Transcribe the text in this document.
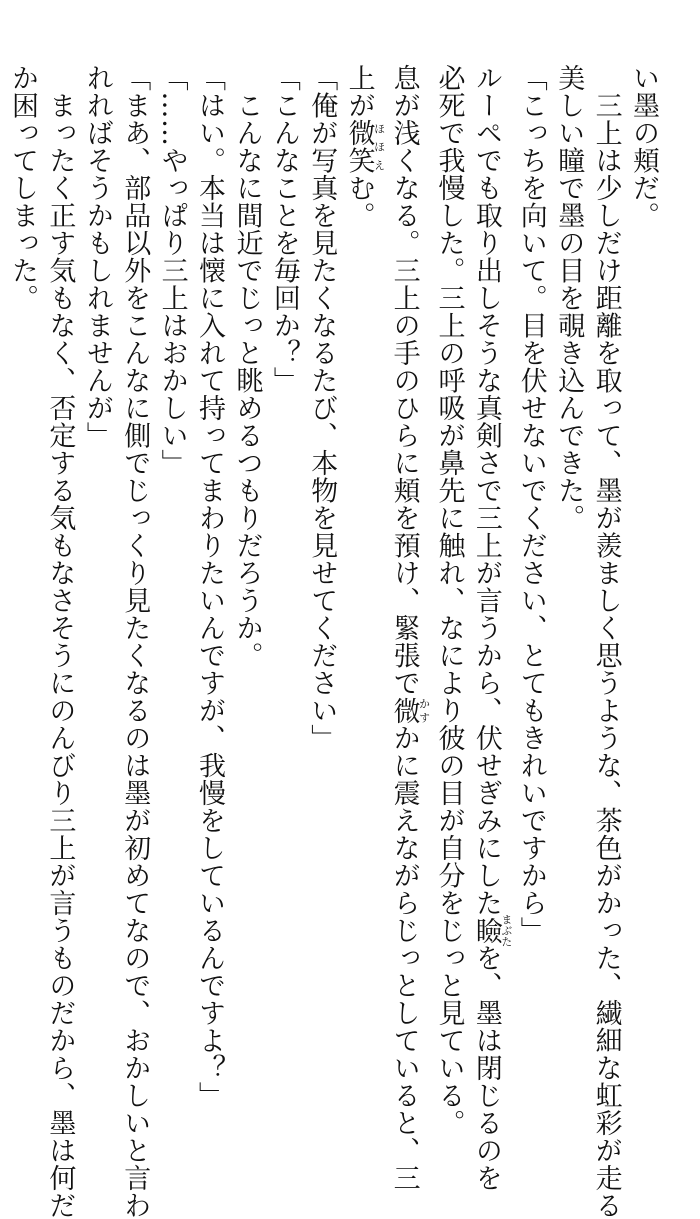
い墨の頬だ。
　三上は少しだけ距離を取って、墨が羨ましく思うような、茶色がかった、繊細な虹彩が走る
美しい瞳で墨の目を覗き込んできた。
「こっちを向いて。目を伏せないでください、とてもきれいですから」
ルーペでも取り出しそうな真剣さで三上が言うから、伏せぎみにした瞼まぶたを、墨は閉じるのを
必死で我慢した。三上の呼吸が鼻先に触れ、なにより彼の目が自分をじっと見ている。
息が浅くなる。三上の手のひらに頬を預け、緊張で微かすかに震えながらじっとしていると、三
上が微笑ほほえむ。
「俺が写真を見たくなるたび、本物を見せてください」
「こんなことを毎回か？」
　こんなに間近でじっと眺めるつもりだろうか。
「はい。本当は懐に入れて持ってまわりたいんですが、我慢をしているんですよ？」
「……やっぱり三上はおかしい」
「まあ、部品以外をこんなに側でじっくり見たくなるのは墨が初めてなので、おかしいと言わ
れればそうかもしれませんが」
　まったく正す気もなく、否定する気もなさそうにのんびり三上が言うものだから、墨は何だ
か困ってしまった。
